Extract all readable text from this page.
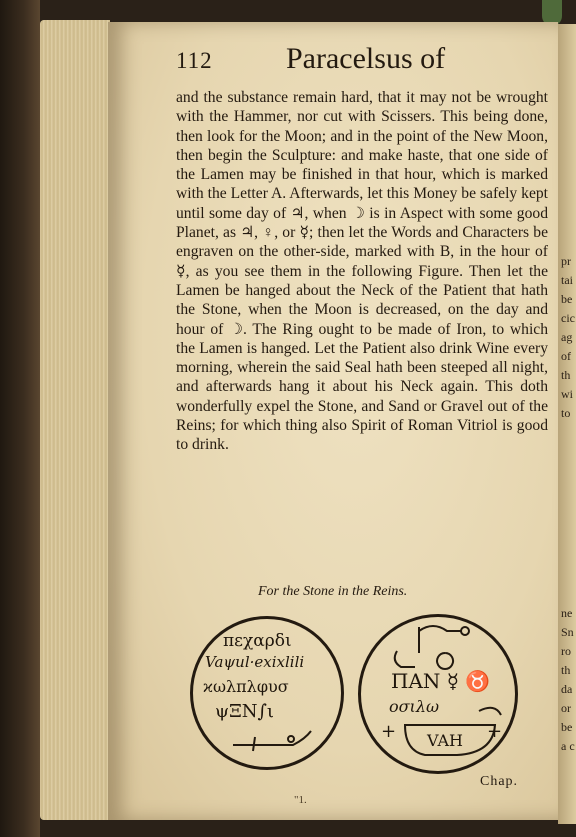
112 Paracelsus of

and the substance remain hard, that it may not be wrought with the Hammer, nor cut with Scissers. This being done, then look for the Moon; and in the point of the New Moon, then begin the Sculpture: and make haste, that one side of the Lamen may be finished in that hour, which is marked with the Letter A. Afterwards, let this Money be safely kept until some day of ♃, when ☽ is in Aspect with some good Planet, as ♃, ♀, or ☿; then let the Words and Characters be engraven on the other-side, marked with B, in the hour of ☿, as you see them in the following Figure. Then let the Lamen be hanged about the Neck of the Patient that hath the Stone, when the Moon is decreased, on the day and hour of ☽. The Ring ought to be made of Iron, to which the Lamen is hanged. Let the Patient also drink Wine every morning, wherein the said Seal hath been steeped all night, and afterwards hang it about his Neck again. This doth wonderfully expel the Stone, and Sand or Gravel out of the Reins; for which thing also Spirit of Roman Vitriol is good to drink.

For the Stone in the Reins.
πεχαρδι
Vaψul·exixlili
ϰωλπλφυσ
ψΞΝ∫ι
ΠΑΝ ☿ ♉
οσιλω
VAH
+	+
Chap.
"1.
pr
tai
be
cic
ag
of
th
wi
to
ne
Sn
ro
th
da
or
be
a c
